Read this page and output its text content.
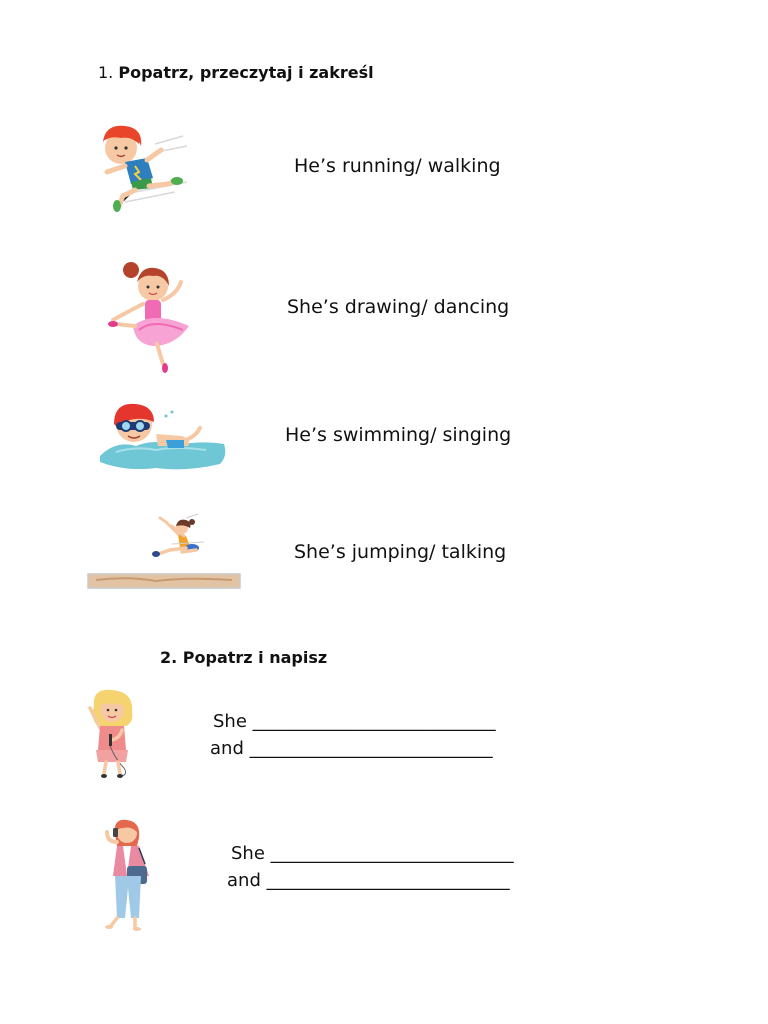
1. Popatrz, przeczytaj i zakreśl
He’s running/ walking
She’s drawing/ dancing
He’s swimming/ singing
She’s jumping/ talking
2. Popatrz i napisz
She ___________________________
and ___________________________
She ___________________________
and ___________________________
